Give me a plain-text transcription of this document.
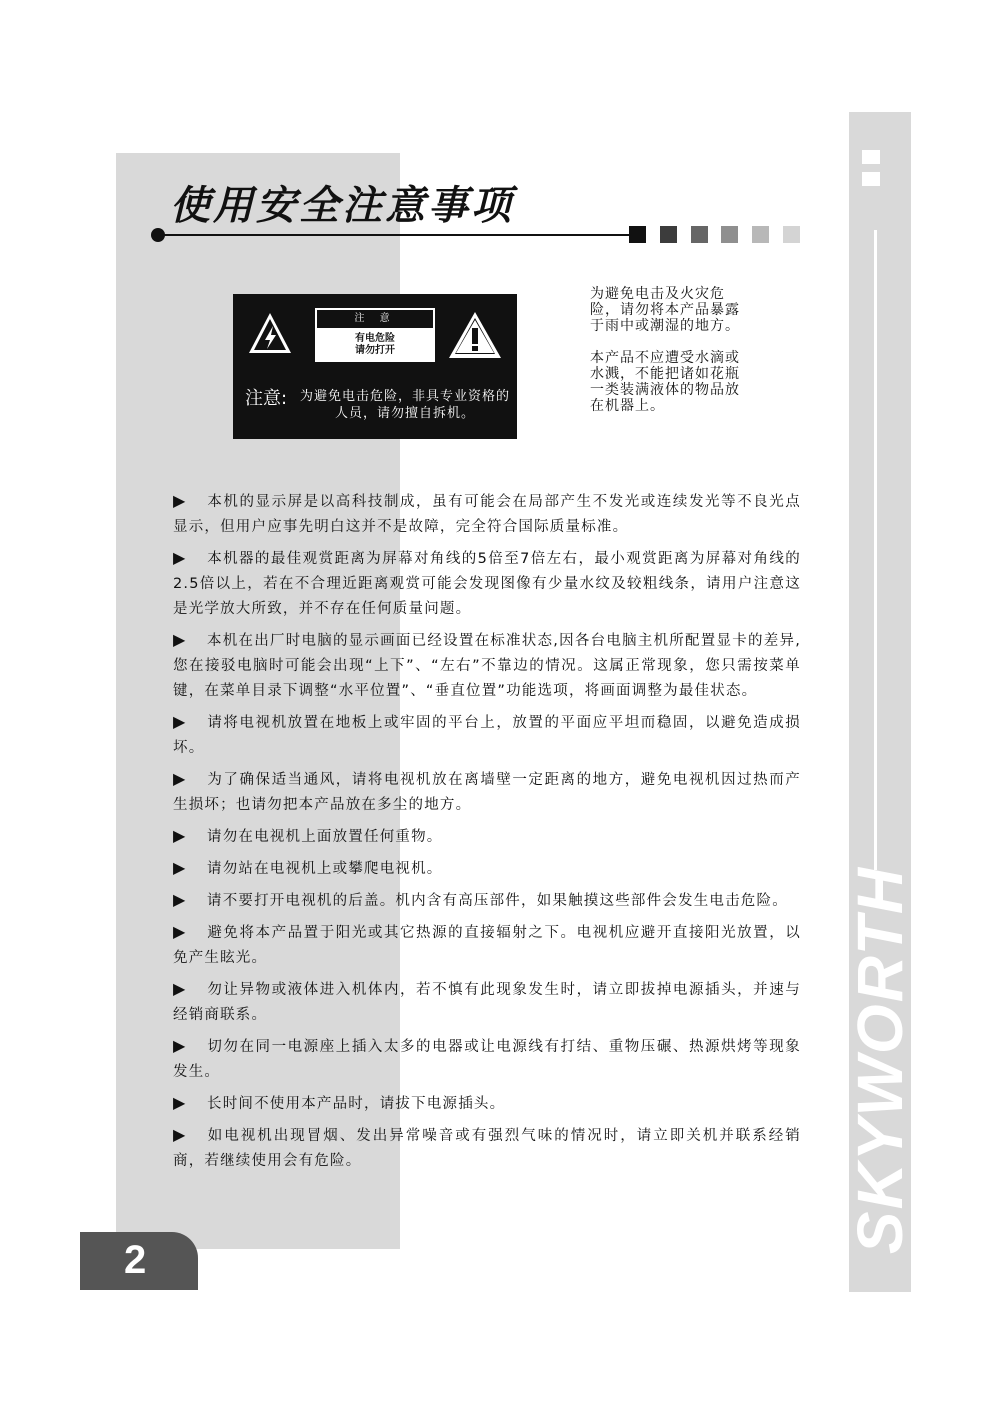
SKYWORTH
使用安全注意事项
注 意
有电危险
请勿打开
注意: 为避免电击危险，非具专业资格的人员，请勿擅自拆机。

为避免电击及火灾危险，请勿将本产品暴露于雨中或潮湿的地方。

本产品不应遭受水滴或水溅，不能把诸如花瓶一类装满液体的物品放在机器上。

▶ 本机的显示屏是以高科技制成，虽有可能会在局部产生不发光或连续发光等不良光点显示，但用户应事先明白这并不是故障，完全符合国际质量标准。
▶ 本机器的最佳观赏距离为屏幕对角线的5倍至7倍左右，最小观赏距离为屏幕对角线的2.5倍以上，若在不合理近距离观赏可能会发现图像有少量水纹及较粗线条，请用户注意这是光学放大所致，并不存在任何质量问题。
▶ 本机在出厂时电脑的显示画面已经设置在标准状态,因各台电脑主机所配置显卡的差异,您在接驳电脑时可能会出现“上下”、“左右”不靠边的情况。这属正常现象，您只需按菜单键，在菜单目录下调整“水平位置”、“垂直位置”功能选项，将画面调整为最佳状态。
▶ 请将电视机放置在地板上或牢固的平台上，放置的平面应平坦而稳固，以避免造成损坏。
▶ 为了确保适当通风，请将电视机放在离墙壁一定距离的地方，避免电视机因过热而产生损坏；也请勿把本产品放在多尘的地方。
▶ 请勿在电视机上面放置任何重物。
▶ 请勿站在电视机上或攀爬电视机。
▶ 请不要打开电视机的后盖。机内含有高压部件，如果触摸这些部件会发生电击危险。
▶ 避免将本产品置于阳光或其它热源的直接辐射之下。电视机应避开直接阳光放置，以免产生眩光。
▶ 勿让异物或液体进入机体内，若不慎有此现象发生时，请立即拔掉电源插头，并速与经销商联系。
▶ 切勿在同一电源座上插入太多的电器或让电源线有打结、重物压碾、热源烘烤等现象发生。
▶ 长时间不使用本产品时，请拔下电源插头。
▶ 如电视机出现冒烟、发出异常噪音或有强烈气味的情况时，请立即关机并联系经销商，若继续使用会有危险。
2
